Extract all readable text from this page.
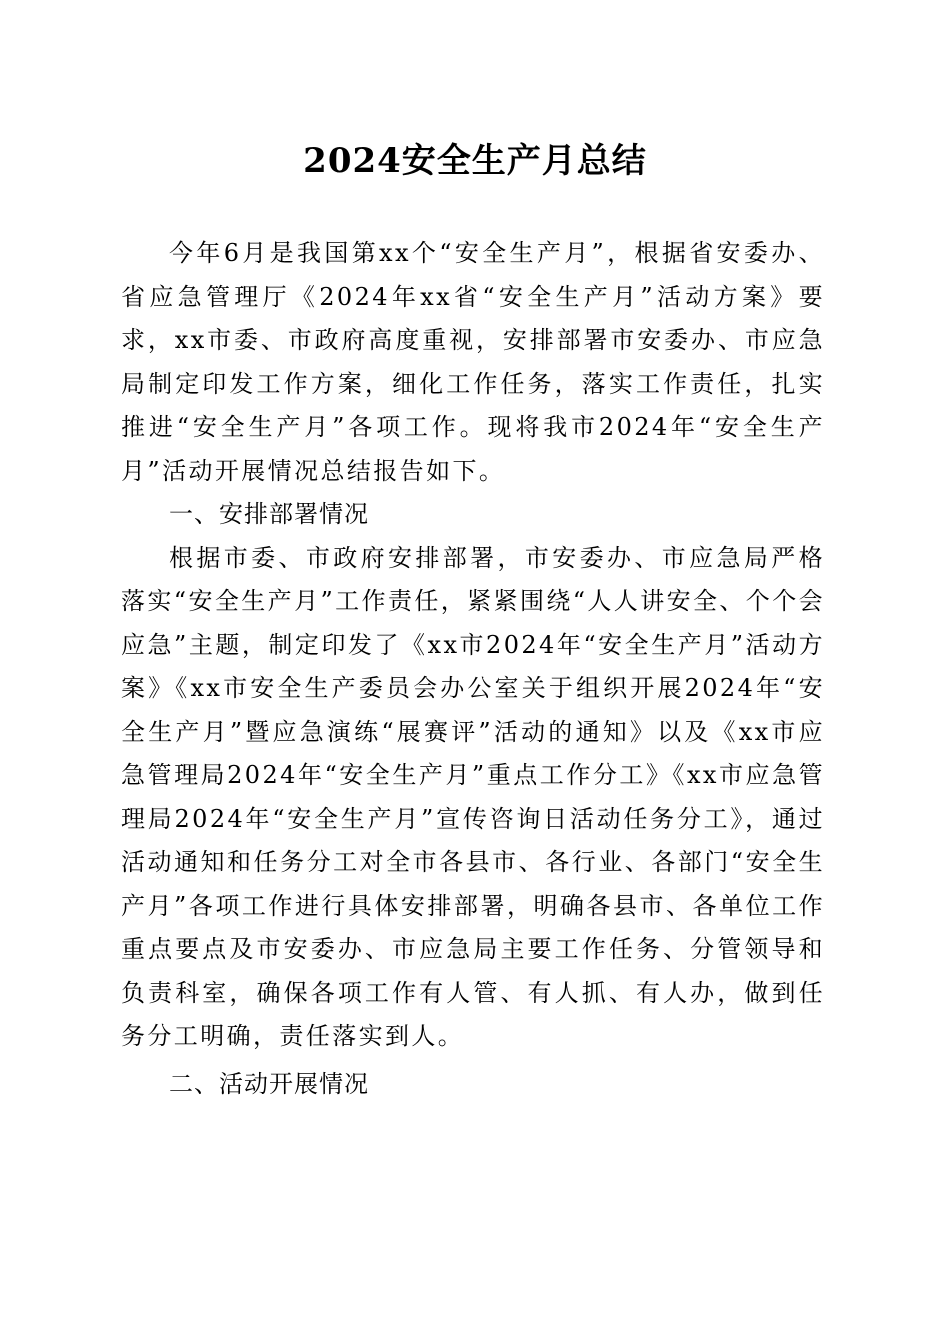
2024安全生产月总结

今年6月是我国第xx个“安全生产月”，根据省安委办、省应急管理厅《2024年xx省“安全生产月”活动方案》要求，xx市委、市政府高度重视，安排部署市安委办、市应急局制定印发工作方案，细化工作任务，落实工作责任，扎实推进“安全生产月”各项工作。现将我市2024年“安全生产月”活动开展情况总结报告如下。

一、安排部署情况

根据市委、市政府安排部署，市安委办、市应急局严格落实“安全生产月”工作责任，紧紧围绕“人人讲安全、个个会应急”主题，制定印发了《xx市2024年“安全生产月”活动方案》《xx市安全生产委员会办公室关于组织开展2024年“安全生产月”暨应急演练“展赛评”活动的通知》以及《xx市应急管理局2024年“安全生产月”重点工作分工》《xx市应急管理局2024年“安全生产月”宣传咨询日活动任务分工》，通过活动通知和任务分工对全市各县市、各行业、各部门“安全生产月”各项工作进行具体安排部署，明确各县市、各单位工作重点要点及市安委办、市应急局主要工作任务、分管领导和负责科室，确保各项工作有人管、有人抓、有人办，做到任务分工明确，责任落实到人。

二、活动开展情况
